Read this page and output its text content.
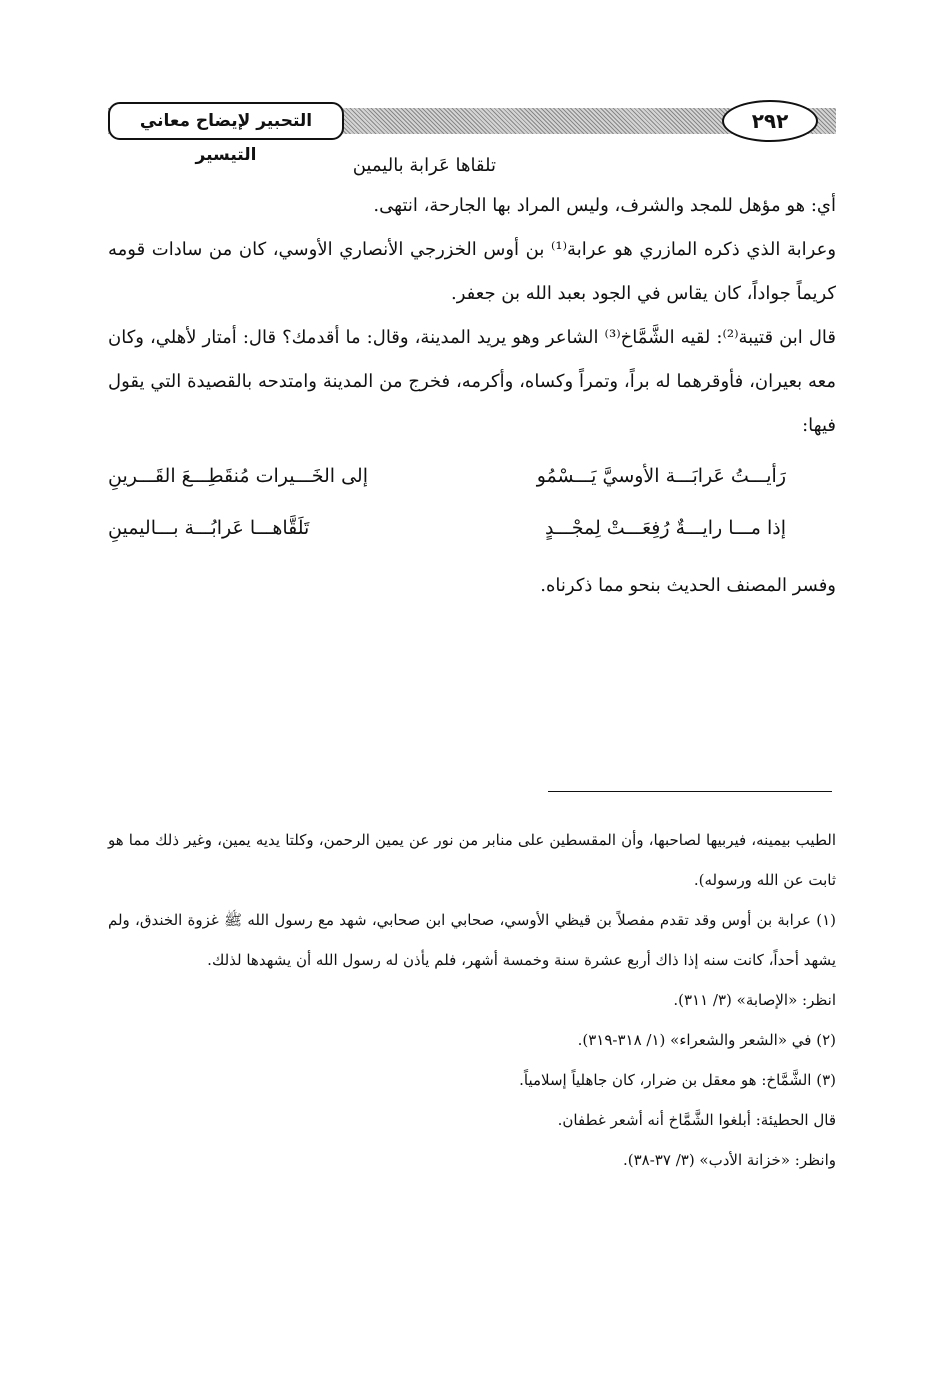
التحبير لإيضاح معاني التيسير
٢٩٢

تلقاها عَرابة باليمين

أي: هو مؤهل للمجد والشرف، وليس المراد بها الجارحة، انتهى.

وعرابة الذي ذكره المازري هو عرابة⁽¹⁾ بن أوس الخزرجي الأنصاري الأوسي، كان من سادات قومه كريماً جواداً، كان يقاس في الجود بعبد الله بن جعفر.

قال ابن قتيبة⁽²⁾: لقيه الشَّمَّاخ⁽³⁾ الشاعر وهو يريد المدينة، وقال: ما أقدمك؟ قال: أمتار لأهلي، وكان معه بعيران، فأوقرهما له براً، وتمراً وكساه، وأكرمه، فخرج من المدينة وامتدحه بالقصيدة التي يقول فيها:

رَأيـــتُ عَرابَـــة الأوسيَّ يَـــسْمُو
إلى الخَـــيرات مُنقَطِـــعَ القَـــرينِ
إذا مـــا رايـــةٌ رُفِعَـــتْ لِمجْـــدٍ
تَلَقَّاهـــا عَرابُـــة بـــاليمينِ

وفسر المصنف الحديث بنحو مما ذكرناه.

الطيب بيمينه، فيربيها لصاحبها، وأن المقسطين على منابر من نور عن يمين الرحمن، وكلتا يديه يمين، وغير ذلك مما هو ثابت عن الله ورسوله).

(١) عرابة بن أوس وقد تقدم مفصلاً بن قيظي الأوسي، صحابي ابن صحابي، شهد مع رسول الله ﷺ غزوة الخندق، ولم يشهد أحداً، كانت سنه إذا ذاك أربع عشرة سنة وخمسة أشهر، فلم يأذن له رسول الله أن يشهدها لذلك.

انظر: «الإصابة» (٣/ ٣١١).

(٢) في «الشعر والشعراء» (١/ ٣١٨-٣١٩).

(٣) الشَّمَّاخ: هو معقل بن ضرار، كان جاهلياً إسلامياً.

قال الحطيئة: أبلغوا الشَّمَّاخ أنه أشعر غطفان.

وانظر: «خزانة الأدب» (٣/ ٣٧-٣٨).
